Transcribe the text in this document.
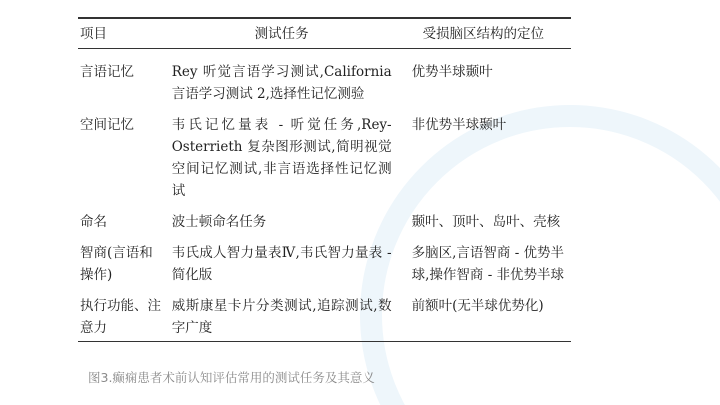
项目	测试任务	受损脑区结构的定位
言语记忆	Rey 听觉言语学习测试,California言语学习测试 2,选择性记忆测验	优势半球颞叶
空间记忆	韦氏记忆量表 - 听觉任务,Rey-Osterrieth 复杂图形测试,简明视觉空间记忆测试,非言语选择性记忆测试	非优势半球颞叶
命名	波士顿命名任务	颞叶、顶叶、岛叶、壳核
智商(言语和操作)	韦氏成人智力量表Ⅳ,韦氏智力量表 - 简化版	多脑区,言语智商 - 优势半球,操作智商 - 非优势半球
执行功能、注意力	威斯康星卡片分类测试,追踪测试,数字广度	前额叶(无半球优势化)
图3.癫痫患者术前认知评估常用的测试任务及其意义
